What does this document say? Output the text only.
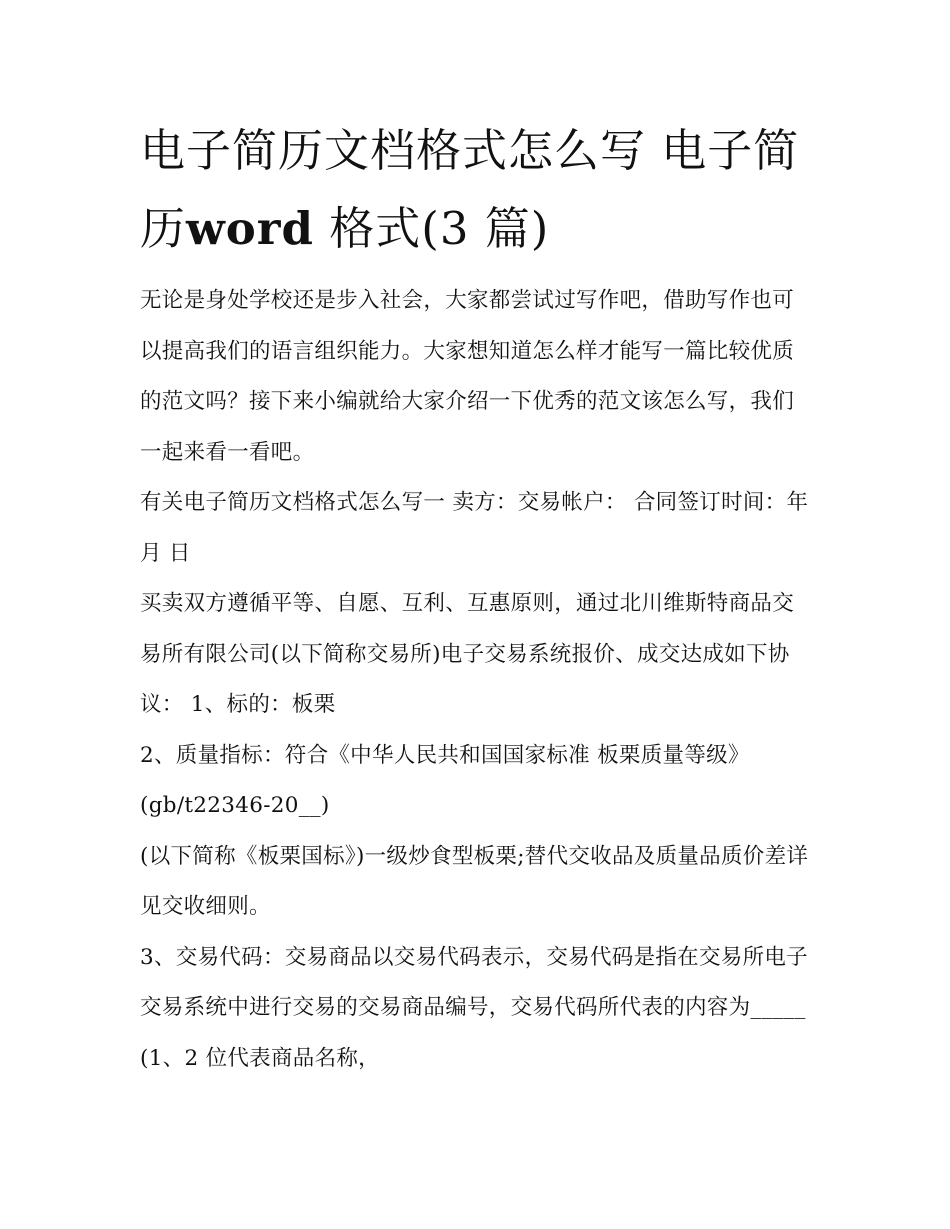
电子简历文档格式怎么写 电子简历word 格式(3 篇)

无论是身处学校还是步入社会，大家都尝试过写作吧，借助写作也可以提高我们的语言组织能力。大家想知道怎么样才能写一篇比较优质的范文吗？接下来小编就给大家介绍一下优秀的范文该怎么写，我们一起来看一看吧。

有关电子简历文档格式怎么写一 卖方：交易帐户： 合同签订时间：年月 日

买卖双方遵循平等、自愿、互利、互惠原则，通过北川维斯特商品交易所有限公司(以下简称交易所)电子交易系统报价、成交达成如下协议： 1、标的：板栗

2、质量指标：符合《中华人民共和国国家标准 板栗质量等级》(gb/t22346-20__)

(以下简称《板栗国标》)一级炒食型板栗;替代交收品及质量品质价差详见交收细则。

3、交易代码：交易商品以交易代码表示，交易代码是指在交易所电子交易系统中进行交易的交易商品编号，交易代码所代表的内容为_____ (1、2 位代表商品名称，
